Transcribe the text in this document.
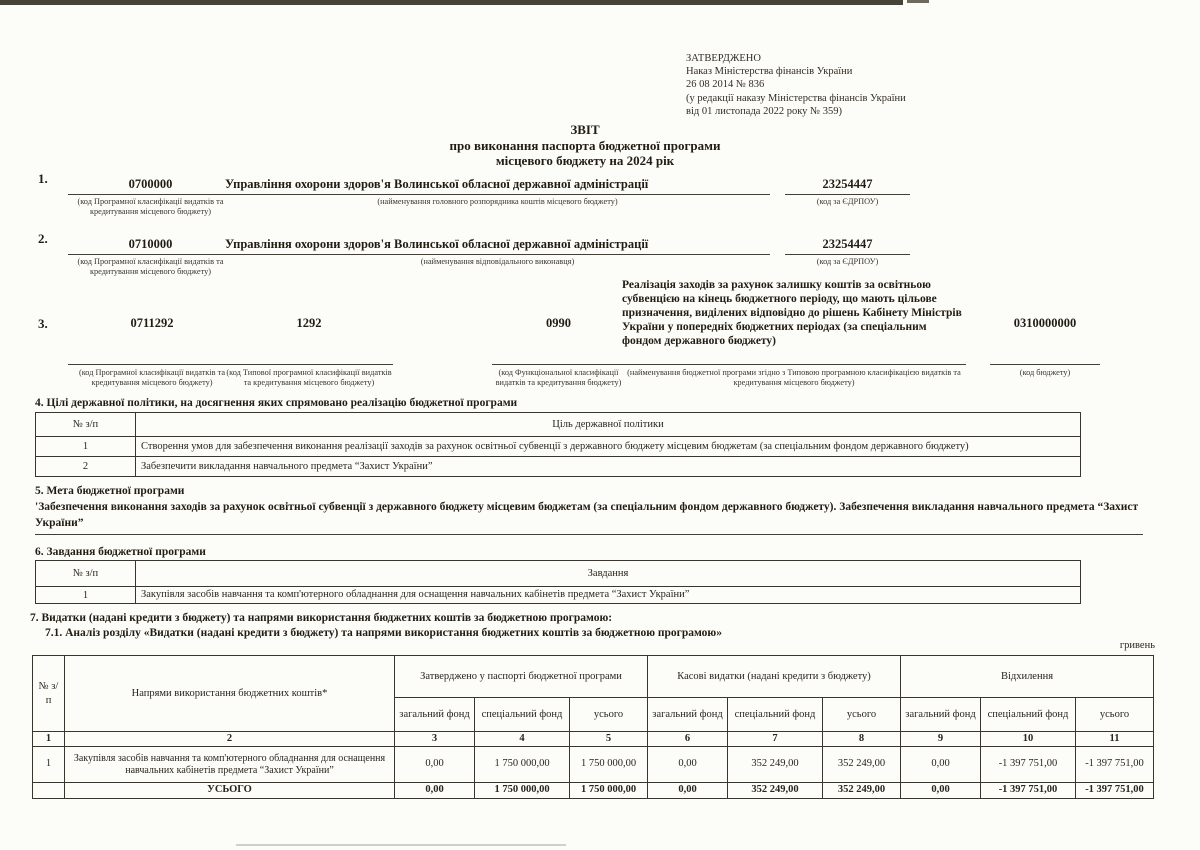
ЗАТВЕРДЖЕНО
Наказ Міністерства фінансів України
26 08 2014 № 836
(у редакції наказу Міністерства фінансів України
від 01 листопада 2022 року № 359)
ЗВІТ
про виконання паспорта бюджетної програми
місцевого бюджету на 2024 рік
1.	0700000
(код Програмної класифікації видатків та кредитування місцевого бюджету)
Управління охорони здоров'я Волинської обласної державної адміністрації
(найменування головного розпорядника коштів місцевого бюджету)
23254447
(код за ЄДРПОУ)
2.	0710000
(код Програмної класифікації видатків та кредитування місцевого бюджету)
Управління охорони здоров'я Волинської обласної державної адміністрації
(найменування відповідального виконавця)
23254447
(код за ЄДРПОУ)
3.	0711292
(код Програмної класифікації видатків та кредитування місцевого бюджету)
1292
(код Типової програмної класифікації видатків та кредитування місцевого бюджету)
0990
(код Функціональної класифікації видатків та кредитування бюджету)
Реалізація заходів за рахунок залишку коштів за освітньою субвенцією на кінець бюджетного періоду, що мають цільове призначення, виділених відповідно до рішень Кабінету Міністрів України у попередніх бюджетних періодах (за спеціальним фондом державного бюджету)
(найменування бюджетної програми згідно з Типовою програмною класифікацією видатків та кредитування місцевого бюджету)
0310000000
(код бюджету)
4. Цілі державної політики, на досягнення яких спрямовано реалізацію бюджетної програми
№ з/п	Ціль державної політики
1	Створення умов для забезпечення виконання реалізації заходів за рахунок освітньої субвенції з державного бюджету місцевим бюджетам (за спеціальним фондом державного бюджету)
2	Забезпечити викладання навчального предмета “Захист України”
5. Мета бюджетної програми
'Забезпечення виконання заходів за рахунок освітньої субвенції з державного бюджету місцевим бюджетам (за спеціальним фондом державного бюджету). Забезпечення викладання навчального предмета “Захист України”
6. Завдання бюджетної програми
№ з/п	Завдання
1	Закупівля засобів навчання та комп'ютерного обладнання для оснащення навчальних кабінетів предмета “Захист України”
7. Видатки (надані кредити з бюджету) та напрями використання бюджетних коштів за бюджетною програмою:
7.1. Аналіз розділу «Видатки (надані кредити з бюджету) та напрями використання бюджетних коштів за бюджетною програмою»
гривень
№ з/п	Напрями використання бюджетних коштів*	Затверджено у паспорті бюджетної програми			Касові видатки (надані кредити з бюджету)			Відхилення		
		загальний фонд	спеціальний фонд	усього	загальний фонд	спеціальний фонд	усього	загальний фонд	спеціальний фонд	усього
1	2	3	4	5	6	7	8	9	10	11
1	Закупівля засобів навчання та комп'ютерного обладнання для оснащення навчальних кабінетів предмета “Захист України”	0,00	1 750 000,00	1 750 000,00	0,00	352 249,00	352 249,00	0,00	-1 397 751,00	-1 397 751,00
	УСЬОГО	0,00	1 750 000,00	1 750 000,00	0,00	352 249,00	352 249,00	0,00	-1 397 751,00	-1 397 751,00
